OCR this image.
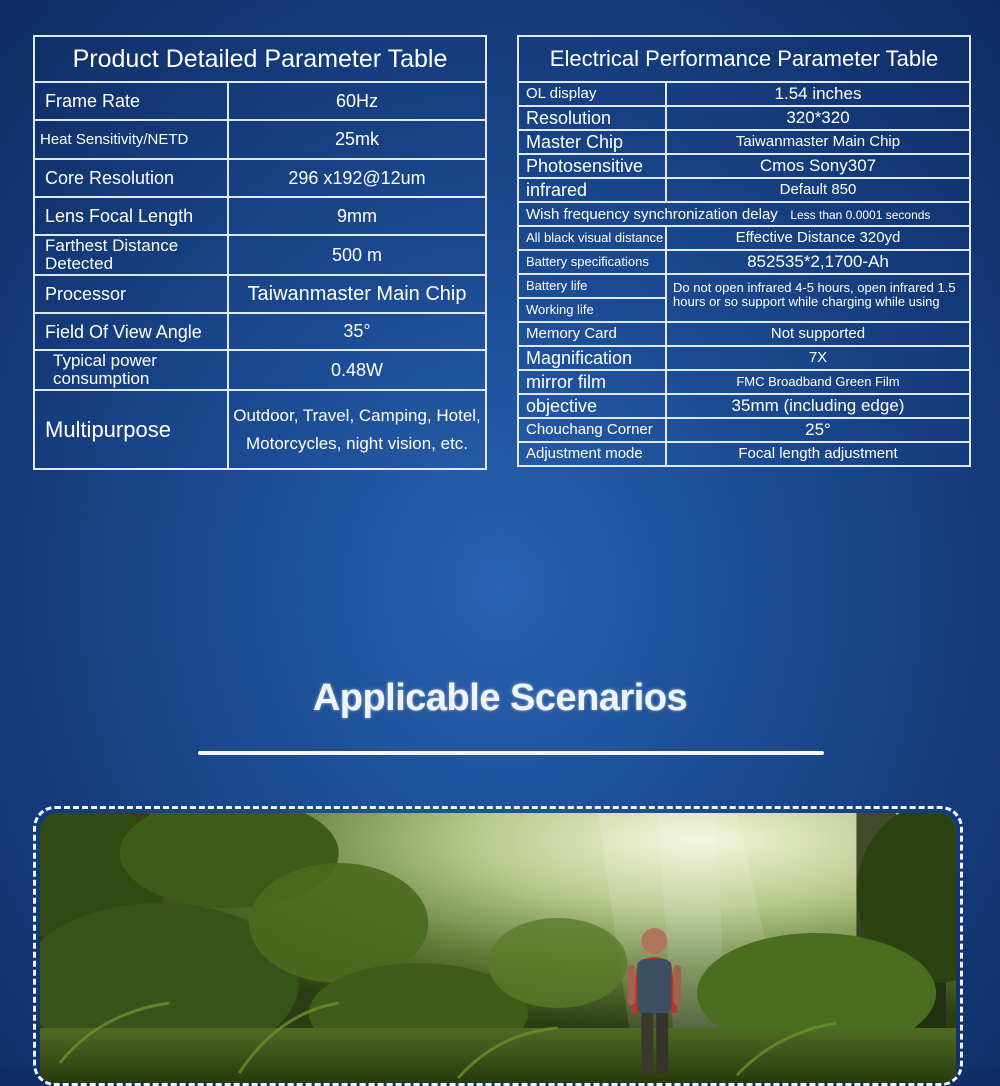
Product Detailed Parameter Table	
Frame Rate	60Hz
Heat Sensitivity/NETD	25mk
Core Resolution	296 x192@12um
Lens Focal Length	9mm
Farthest Distance Detected	500 m
Processor	Taiwanmaster Main Chip
Field Of View Angle	35°
Typical power consumption	0.48W
Multipurpose	Outdoor, Travel, Camping, Hotel, Motorcycles, night vision, etc.
Electrical Performance Parameter Table	
OL display	1.54 inches
Resolution	320*320
Master Chip	Taiwanmaster Main Chip
Photosensitive	Cmos Sony307
infrared	Default 850
Wish frequency synchronization delay Less than 0.0001 seconds	
All black visual distance	Effective Distance 320yd
Battery specifications	852535*2,1700-Ah
Battery life	Do not open infrared 4-5 hours, open infrared 1.5 hours or so support while charging while using
Working life	
Memory Card	Not supported
Magnification	7X
mirror film	FMC Broadband Green Film
objective	35mm (including edge)
Chouchang Corner	25°
Adjustment mode	Focal length adjustment
Applicable Scenarios
